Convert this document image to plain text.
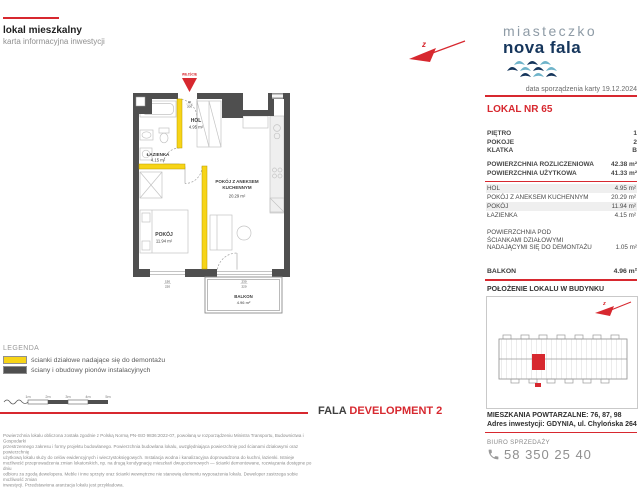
lokal mieszkalny
karta informacyjna inwestycji	z
miasteczko
nova fala
data sporządzenia karty 19.12.2024
WEJŚCIE
90
200
HOL
4.95 m²
ŁAZIENKA
4.15 m²
POKÓJ
11.94 m²
POKÓJ Z ANEKSEM
KUCHENNYM
20.29 m²
150
220
230
220
BALKON
4.96 m²
LOKAL NR 65
PIĘTRO	1
POKOJE	2
KLATKA	B
POWIERZCHNIA ROZLICZENIOWA	42.38 m²
POWIERZCHNIA UŻYTKOWA	41.33 m²
HOL	4.95 m²
POKÓJ Z ANEKSEM KUCHENNYM	20.29 m²
POKÓJ	11.94 m²
ŁAZIENKA	4.15 m²
POWIERZCHNIA POD
ŚCIANKAMI DZIAŁOWYMI
NADAJĄCYMI SIĘ DO DEMONTAŻU	1.05 m²
BALKON	4.96 m²
POŁOŻENIE LOKALU W BUDYNKU
z
MIESZKANIA POWTARZALNE: 76, 87, 98
Adres inwestycji: GDYNIA, ul. Chylońska 264
BIURO SPRZEDAŻY
58 350 25 40
LEGENDA
ścianki działowe nadające się do demontażu
ściany i obudowy pionów instalacyjnych
1m	2m	3m	4m	5m
FALA DEVELOPMENT 2
Powierzchnia lokalu obliczona została zgodnie z Polską Normą PN-ISO 9836:2022-07, powołaną w rozporządzeniu Ministra Transportu, Budownictwa i Gospodarki
przestrzennego zakresu i formy projektu budowlanego. Powierzchnia budowlana lokalu, uwzględniająca powierzchnię pod ścianami działowymi oraz powierzchnię
użytkową lokalu służy do celów ewidencyjnych i wieczystoksięgowych. Instalacja wodna i kanalizacyjna doprowadzona do kuchni, łazienki. Istnieje
możliwość przeprowadzenia zmian lokatorskich, np. na drugą kondygnację mieszkań dwupoziomowych — ścianki demontowane, rozwiązania dostępne po dniu
odbioru za zgodą dewelopera. Meble i inne sprzęty oraz ścianki wewnętrzne nie stanowią elementu wyposażenia lokalu. Deweloper zastrzega sobie możliwość zmian
inwestycji. Przedstawiona aranżacja lokalu jest przykładowa.
